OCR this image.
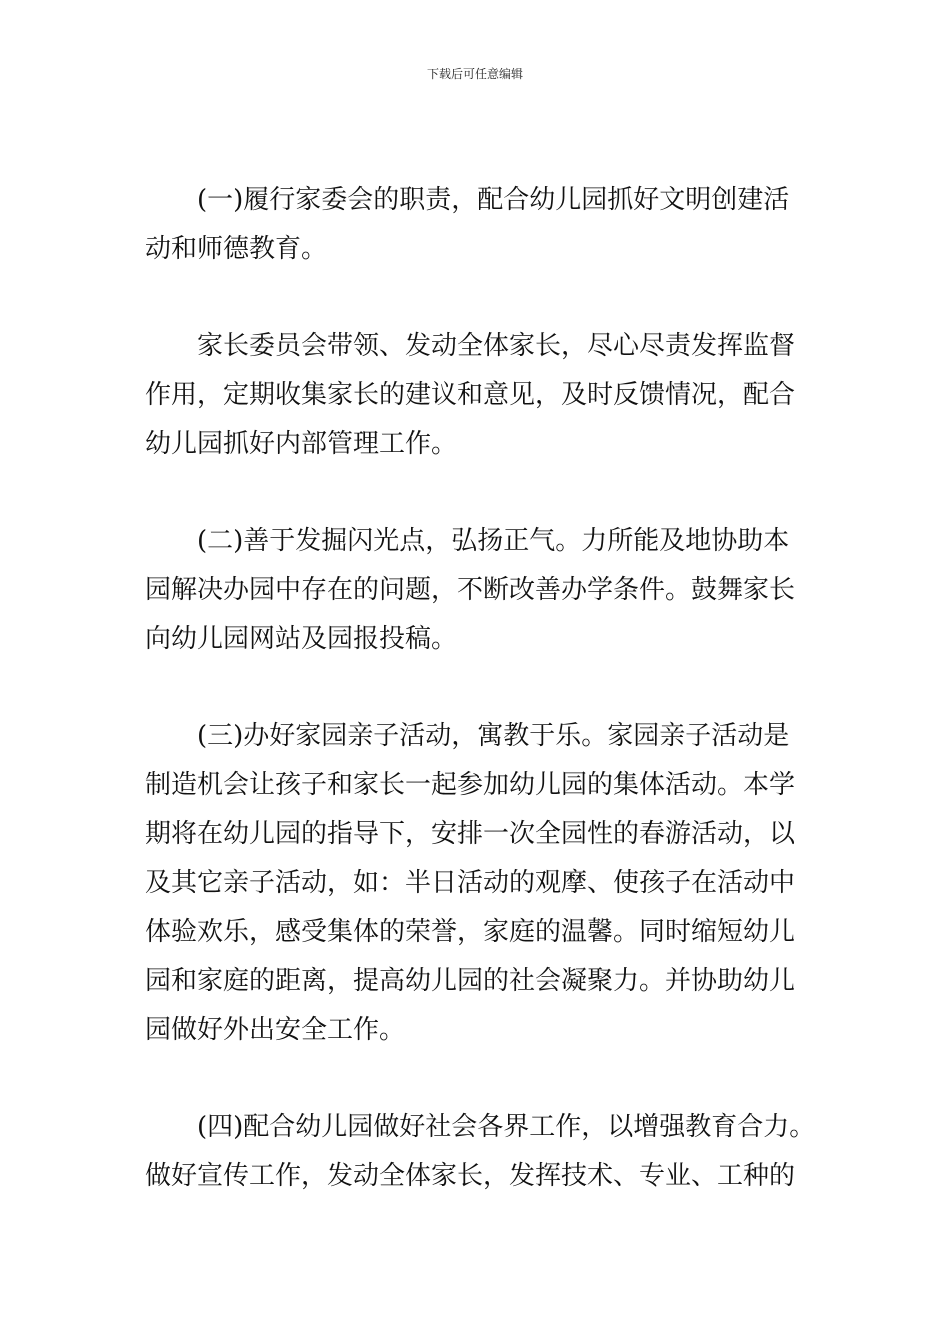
下载后可任意编辑

(一)履行家委会的职责，配合幼儿园抓好文明创建活
动和师德教育。

家长委员会带领、发动全体家长，尽心尽责发挥监督
作用，定期收集家长的建议和意见，及时反馈情况，配合
幼儿园抓好内部管理工作。

(二)善于发掘闪光点，弘扬正气。力所能及地协助本
园解决办园中存在的问题，不断改善办学条件。鼓舞家长
向幼儿园网站及园报投稿。

(三)办好家园亲子活动，寓教于乐。家园亲子活动是
制造机会让孩子和家长一起参加幼儿园的集体活动。本学
期将在幼儿园的指导下，安排一次全园性的春游活动，以
及其它亲子活动，如：半日活动的观摩、使孩子在活动中
体验欢乐，感受集体的荣誉，家庭的温馨。同时缩短幼儿
园和家庭的距离，提高幼儿园的社会凝聚力。并协助幼儿
园做好外出安全工作。

(四)配合幼儿园做好社会各界工作，以增强教育合力。
做好宣传工作，发动全体家长，发挥技术、专业、工种的
